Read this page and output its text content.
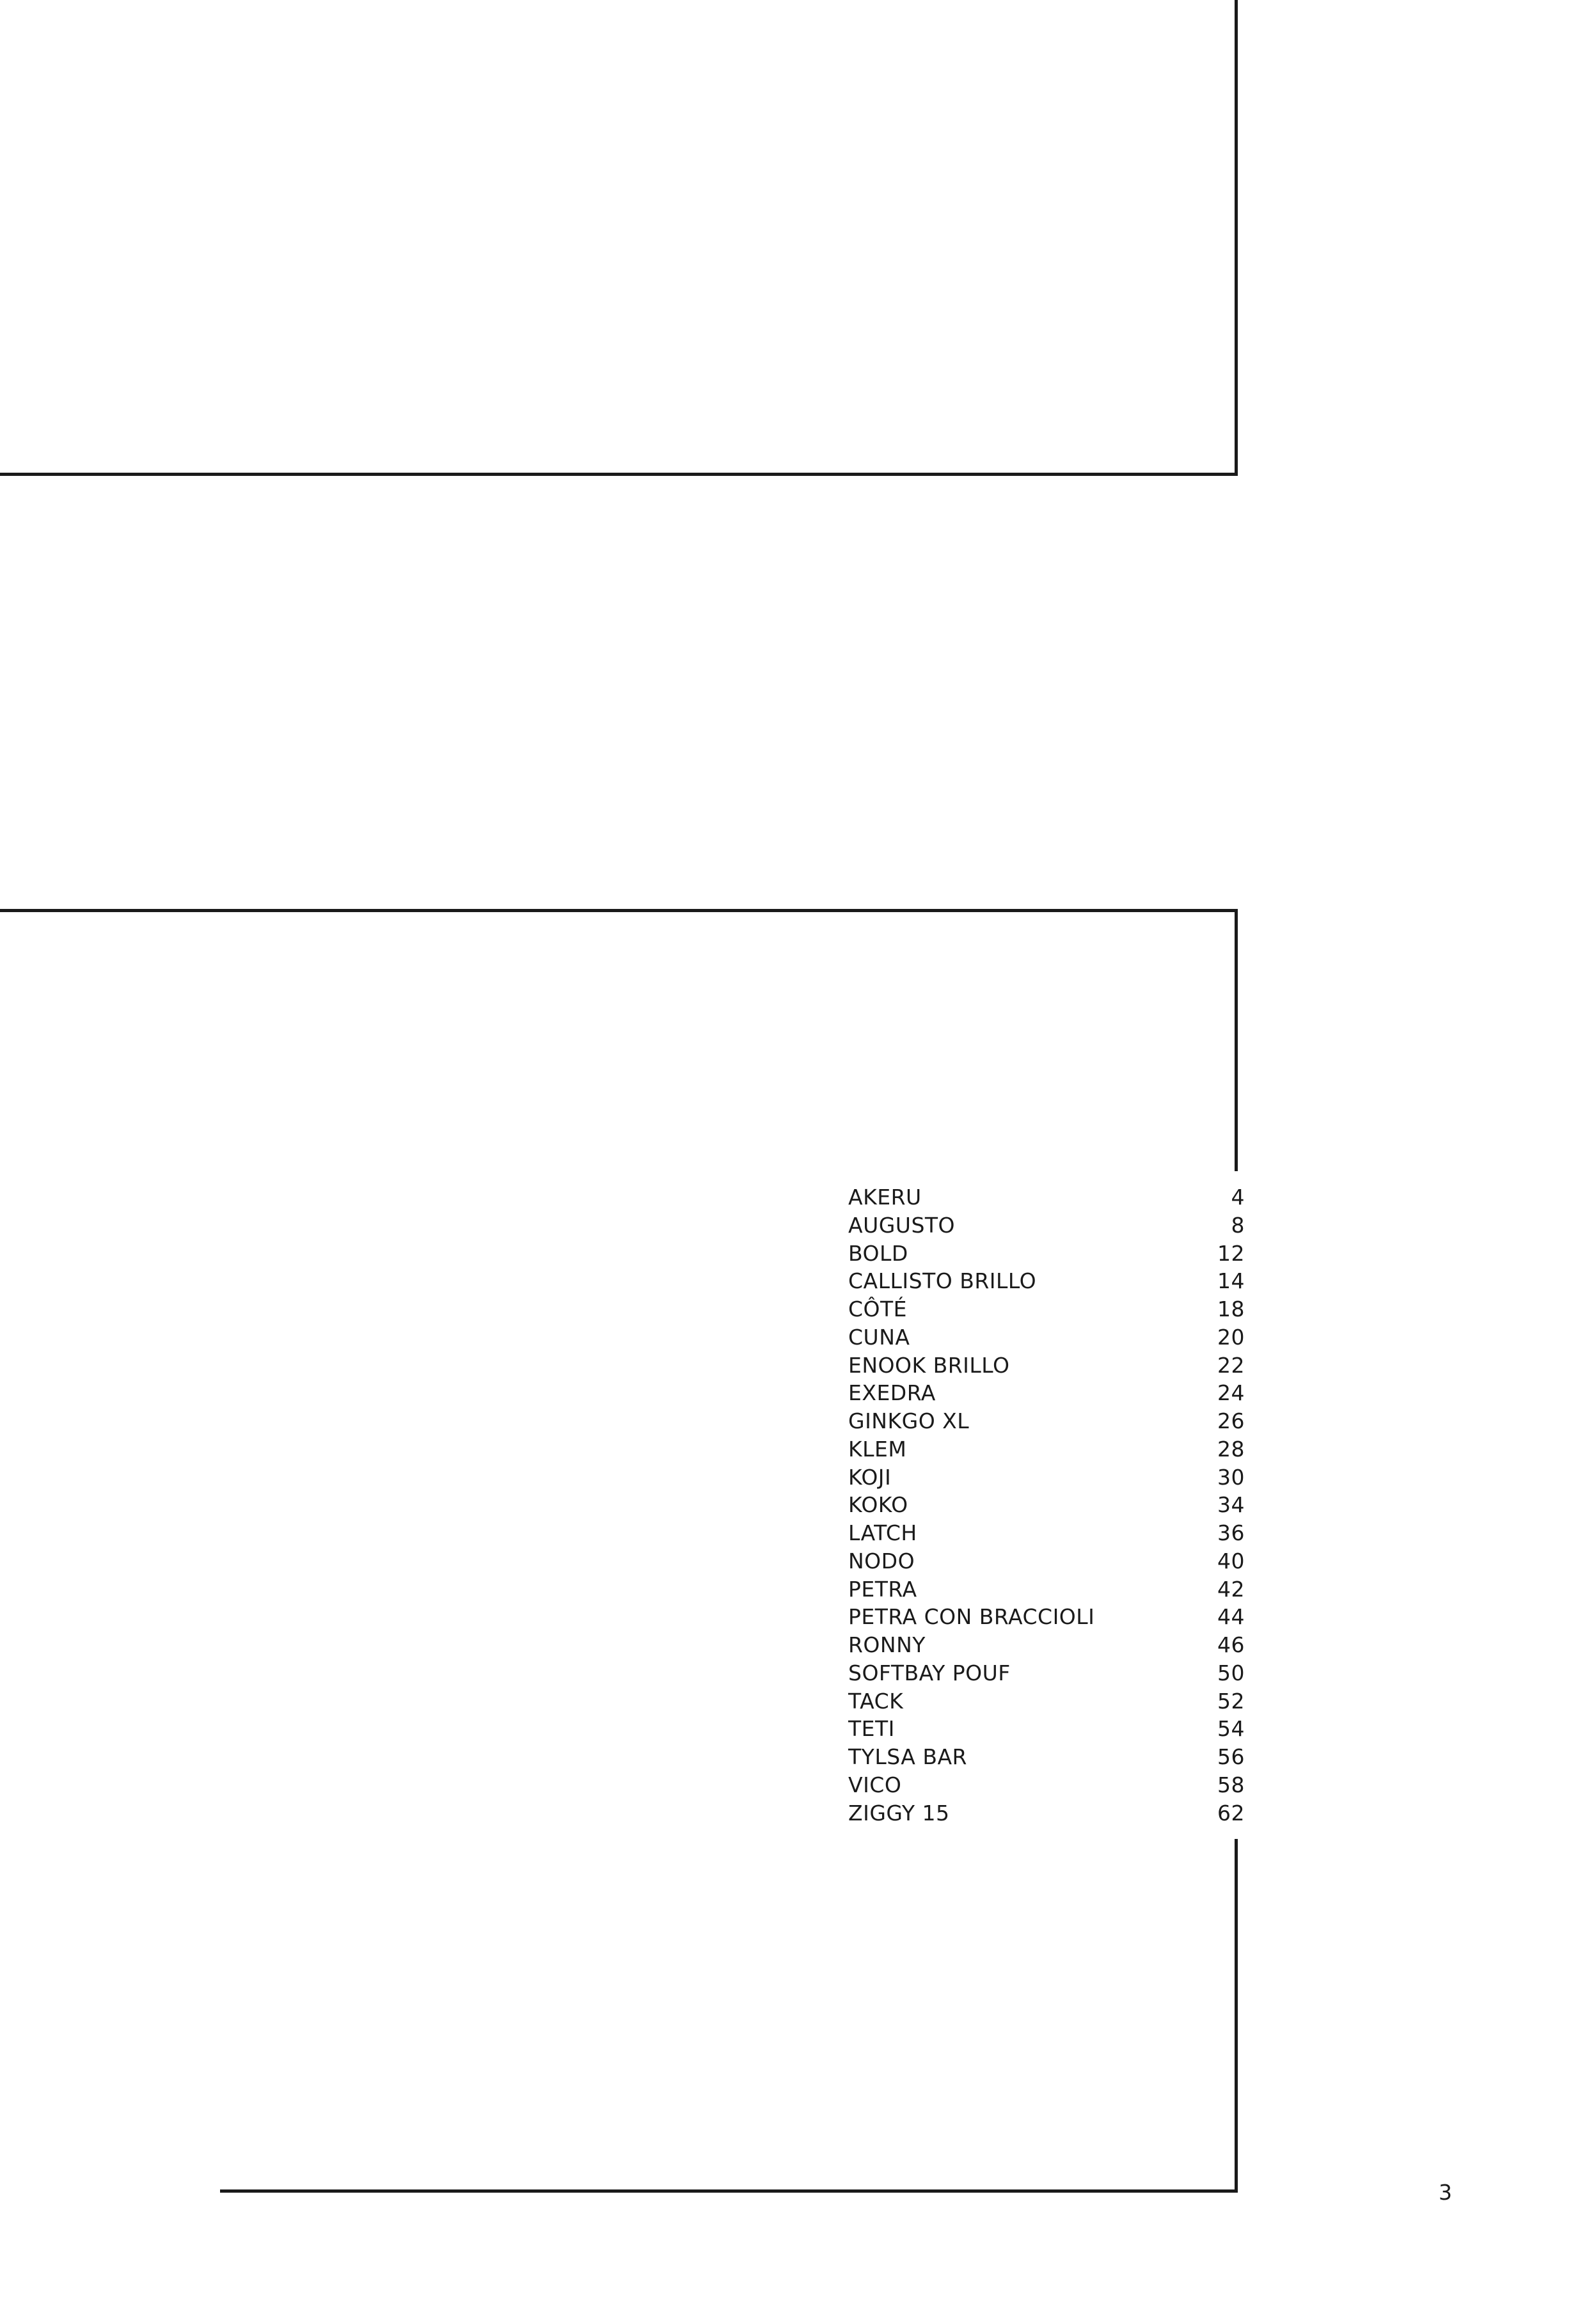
AKERU	4
AUGUSTO	8
BOLD	12
CALLISTO BRILLO	14
CÔTÉ	18
CUNA	20
ENOOK BRILLO	22
EXEDRA	24
GINKGO XL	26
KLEM	28
KOJI	30
KOKO	34
LATCH	36
NODO	40
PETRA	42
PETRA CON BRACCIOLI	44
RONNY	46
SOFTBAY POUF	50
TACK	52
TETI	54
TYLSA BAR	56
VICO	58
ZIGGY 15	62
3
